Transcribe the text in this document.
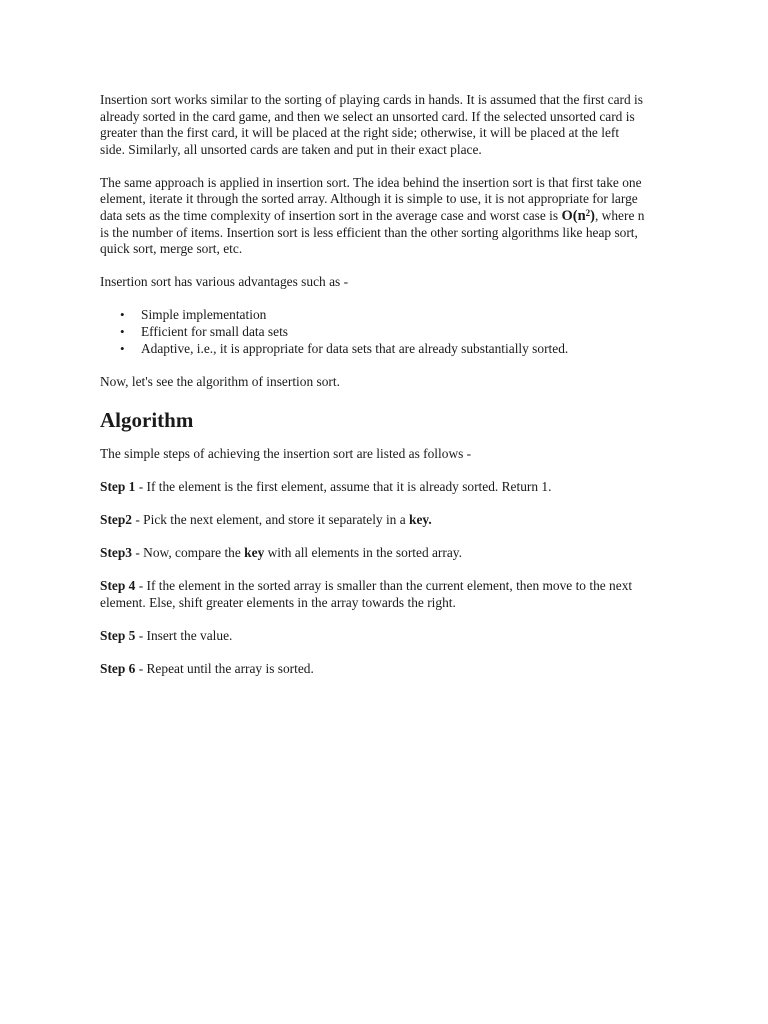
Insertion sort works similar to the sorting of playing cards in hands. It is assumed that the first card is already sorted in the card game, and then we select an unsorted card. If the selected unsorted card is greater than the first card, it will be placed at the right side; otherwise, it will be placed at the left side. Similarly, all unsorted cards are taken and put in their exact place.

The same approach is applied in insertion sort. The idea behind the insertion sort is that first take one element, iterate it through the sorted array. Although it is simple to use, it is not appropriate for large data sets as the time complexity of insertion sort in the average case and worst case is $O(n^2)$, where n is the number of items. Insertion sort is less efficient than the other sorting algorithms like heap sort, quick sort, merge sort, etc.

Insertion sort has various advantages such as -

• Simple implementation
• Efficient for small data sets
• Adaptive, i.e., it is appropriate for data sets that are already substantially sorted.

Now, let's see the algorithm of insertion sort.

Algorithm

The simple steps of achieving the insertion sort are listed as follows -

Step 1 - If the element is the first element, assume that it is already sorted. Return 1.

Step2 - Pick the next element, and store it separately in a key.

Step3 - Now, compare the key with all elements in the sorted array.

Step 4 - If the element in the sorted array is smaller than the current element, then move to the next element. Else, shift greater elements in the array towards the right.

Step 5 - Insert the value.

Step 6 - Repeat until the array is sorted.
